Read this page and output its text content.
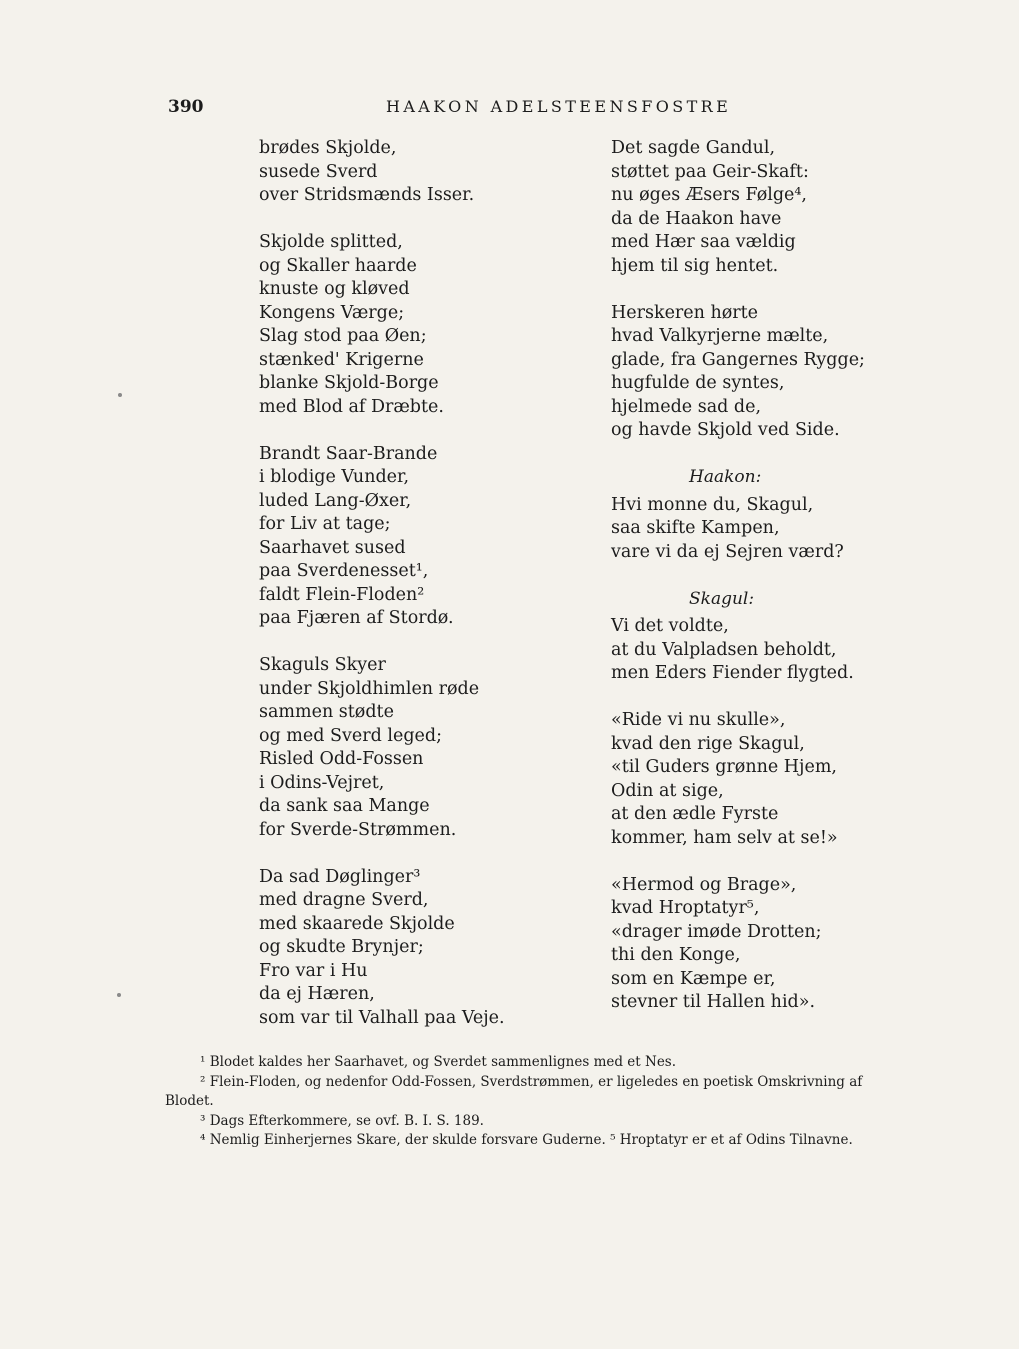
390	HAAKON ADELSTEENSFOSTRE
brødes Skjolde,
susede Sverd
over Stridsmænds Isser.
Skjolde splitted,
og Skaller haarde
knuste og kløved
Kongens Værge;
Slag stod paa Øen;
stænked' Krigerne
blanke Skjold-Borge
med Blod af Dræbte.
Brandt Saar-Brande
i blodige Vunder,
luded Lang-Øxer,
for Liv at tage;
Saarhavet sused
paa Sverdenesset¹,
faldt Flein-Floden²
paa Fjæren af Stordø.
Skaguls Skyer
under Skjoldhimlen røde
sammen stødte
og med Sverd leged;
Risled Odd-Fossen
i Odins-Vejret,
da sank saa Mange
for Sverde-Strømmen.
Da sad Døglinger³
med dragne Sverd,
med skaarede Skjolde
og skudte Brynjer;
Fro var i Hu
da ej Hæren,
som var til Valhall paa Veje.
Det sagde Gandul,
støttet paa Geir-Skaft:
nu øges Æsers Følge⁴,
da de Haakon have
med Hær saa vældig
hjem til sig hentet.
Herskeren hørte
hvad Valkyrjerne mælte,
glade, fra Gangernes Rygge;
hugfulde de syntes,
hjelmede sad de,
og havde Skjold ved Side.
Haakon:
Hvi monne du, Skagul,
saa skifte Kampen,
vare vi da ej Sejren værd?
Skagul:
Vi det voldte,
at du Valpladsen beholdt,
men Eders Fiender flygted.
«Ride vi nu skulle»,
kvad den rige Skagul,
«til Guders grønne Hjem,
Odin at sige,
at den ædle Fyrste
kommer, ham selv at se!»
«Hermod og Brage»,
kvad Hroptatyr⁵,
«drager imøde Drotten;
thi den Konge,
som en Kæmpe er,
stevner til Hallen hid».
¹ Blodet kaldes her Saarhavet, og Sverdet sammenlignes med et Nes.
² Flein-Floden, og nedenfor Odd-Fossen, Sverdstrømmen, er ligeledes en poetisk Omskrivning af
Blodet.
³ Dags Efterkommere, se ovf. B. I. S. 189.
⁴ Nemlig Einherjernes Skare, der skulde forsvare Guderne. ⁵ Hroptatyr er et af Odins Tilnavne.
